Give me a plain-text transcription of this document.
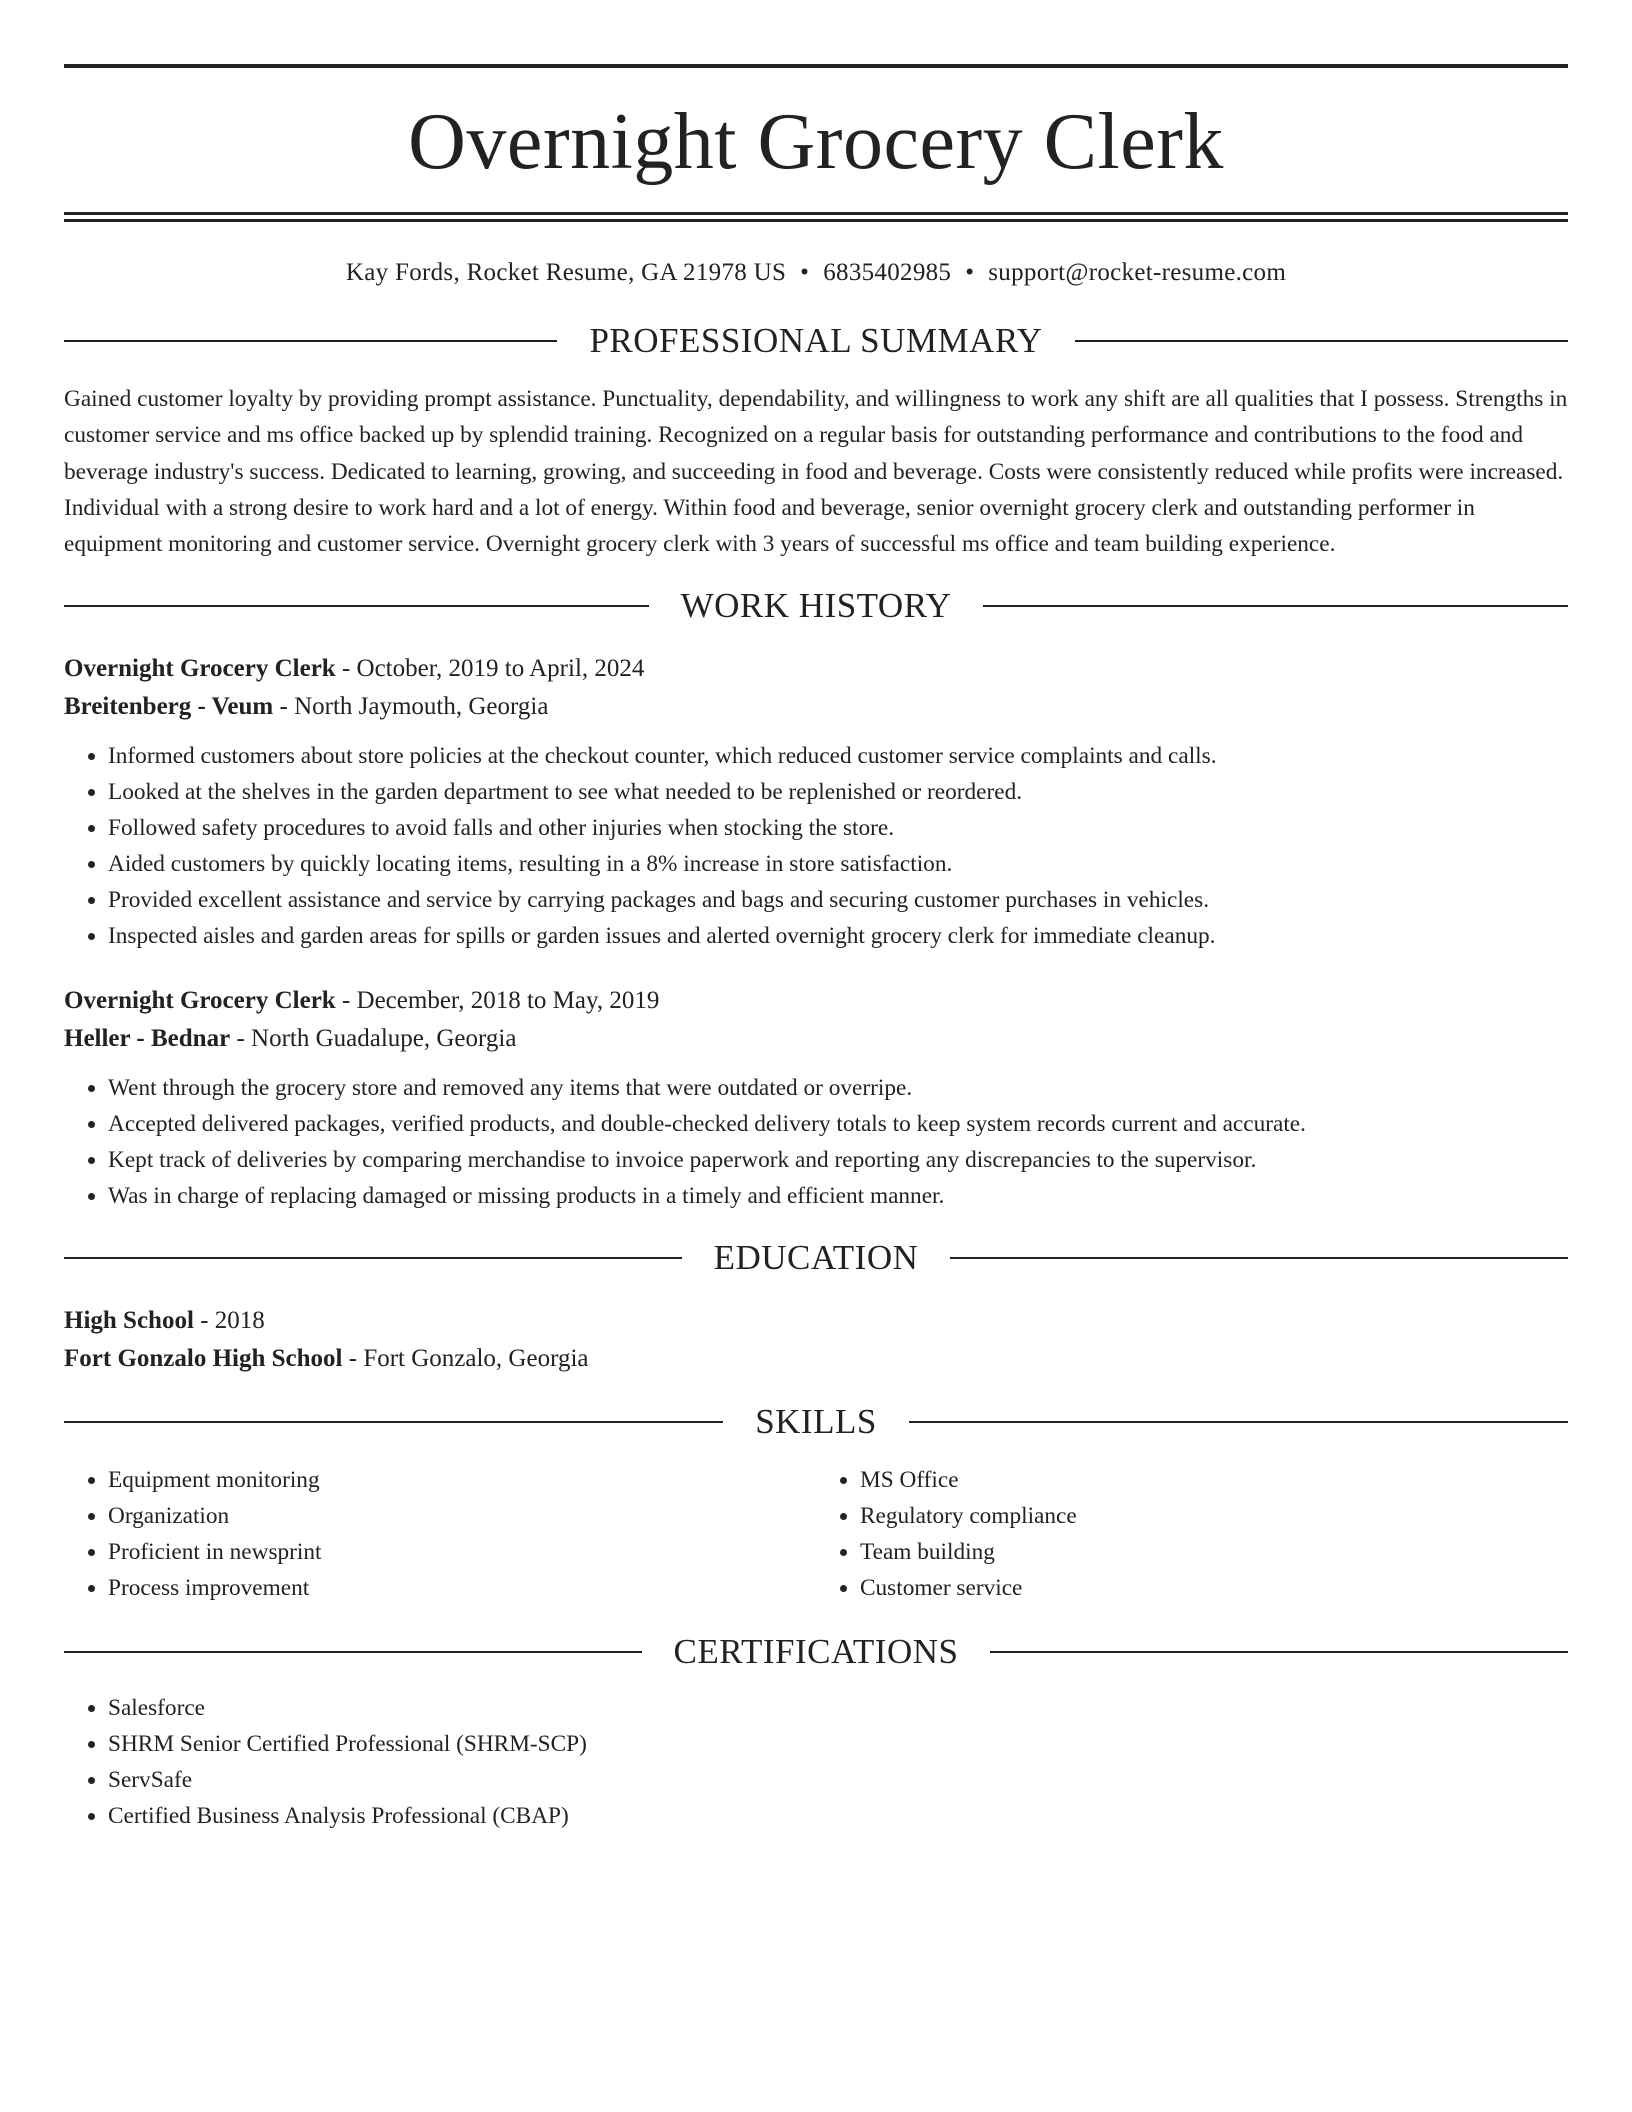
Overnight Grocery Clerk
Kay Fords, Rocket Resume, GA 21978 US • 6835402985 • support@rocket-resume.com
PROFESSIONAL SUMMARY

Gained customer loyalty by providing prompt assistance. Punctuality, dependability, and willingness to work any shift are all qualities that I possess. Strengths in customer service and ms office backed up by splendid training. Recognized on a regular basis for outstanding performance and contributions to the food and beverage industry's success. Dedicated to learning, growing, and succeeding in food and beverage. Costs were consistently reduced while profits were increased. Individual with a strong desire to work hard and a lot of energy. Within food and beverage, senior overnight grocery clerk and outstanding performer in equipment monitoring and customer service. Overnight grocery clerk with 3 years of successful ms office and team building experience.

WORK HISTORY
Overnight Grocery Clerk - October, 2019 to April, 2024
Breitenberg - Veum - North Jaymouth, Georgia
• Informed customers about store policies at the checkout counter, which reduced customer service complaints and calls.
• Looked at the shelves in the garden department to see what needed to be replenished or reordered.
• Followed safety procedures to avoid falls and other injuries when stocking the store.
• Aided customers by quickly locating items, resulting in a 8% increase in store satisfaction.
• Provided excellent assistance and service by carrying packages and bags and securing customer purchases in vehicles.
• Inspected aisles and garden areas for spills or garden issues and alerted overnight grocery clerk for immediate cleanup.
Overnight Grocery Clerk - December, 2018 to May, 2019
Heller - Bednar - North Guadalupe, Georgia
• Went through the grocery store and removed any items that were outdated or overripe.
• Accepted delivered packages, verified products, and double-checked delivery totals to keep system records current and accurate.
• Kept track of deliveries by comparing merchandise to invoice paperwork and reporting any discrepancies to the supervisor.
• Was in charge of replacing damaged or missing products in a timely and efficient manner.
EDUCATION
High School - 2018
Fort Gonzalo High School - Fort Gonzalo, Georgia
SKILLS
• Equipment monitoring
• Organization
• Proficient in newsprint
• Process improvement
• MS Office
• Regulatory compliance
• Team building
• Customer service
CERTIFICATIONS
• Salesforce
• SHRM Senior Certified Professional (SHRM-SCP)
• ServSafe
• Certified Business Analysis Professional (CBAP)
